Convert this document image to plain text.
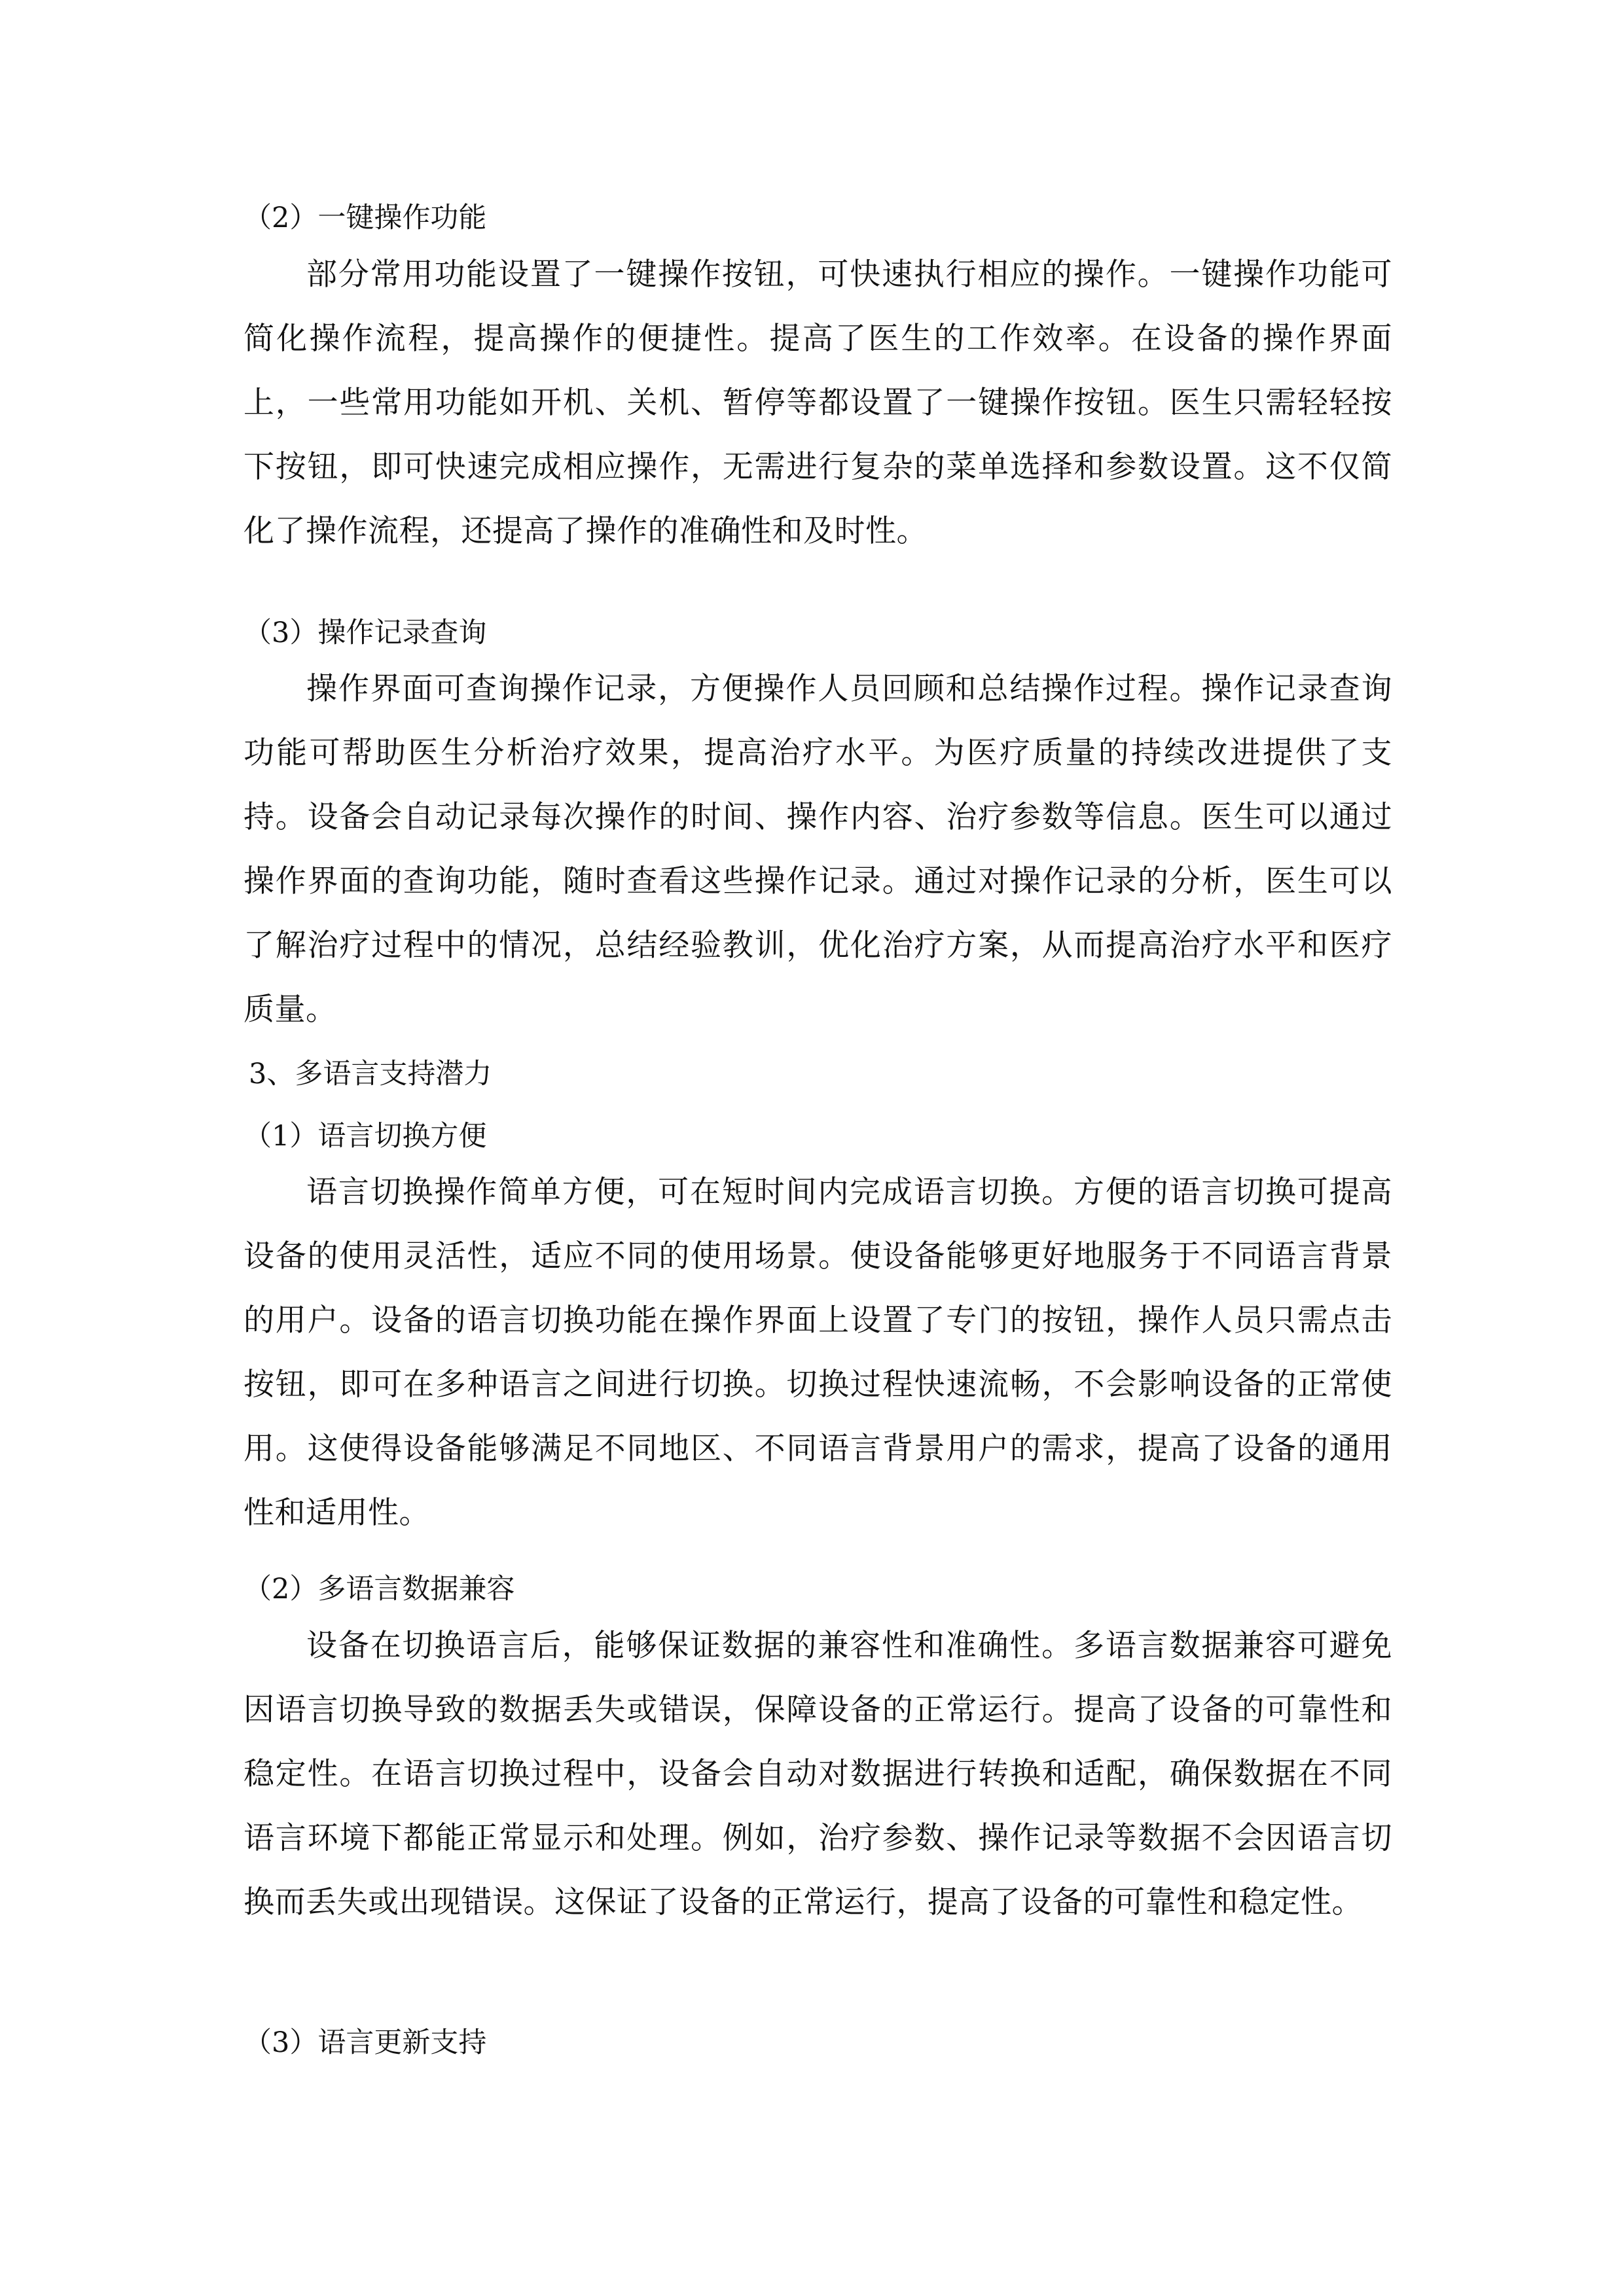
（2）一键操作功能
部分常用功能设置了一键操作按钮，可快速执行相应的操作。一键操作功能可简化操作流程，提高操作的便捷性。提高了医生的工作效率。在设备的操作界面上，一些常用功能如开机、关机、暂停等都设置了一键操作按钮。医生只需轻轻按下按钮，即可快速完成相应操作，无需进行复杂的菜单选择和参数设置。这不仅简化了操作流程，还提高了操作的准确性和及时性。
（3）操作记录查询
操作界面可查询操作记录，方便操作人员回顾和总结操作过程。操作记录查询功能可帮助医生分析治疗效果，提高治疗水平。为医疗质量的持续改进提供了支持。设备会自动记录每次操作的时间、操作内容、治疗参数等信息。医生可以通过操作界面的查询功能，随时查看这些操作记录。通过对操作记录的分析，医生可以了解治疗过程中的情况，总结经验教训，优化治疗方案，从而提高治疗水平和医疗质量。
3、多语言支持潜力
（1）语言切换方便
语言切换操作简单方便，可在短时间内完成语言切换。方便的语言切换可提高设备的使用灵活性，适应不同的使用场景。使设备能够更好地服务于不同语言背景的用户。设备的语言切换功能在操作界面上设置了专门的按钮，操作人员只需点击按钮，即可在多种语言之间进行切换。切换过程快速流畅，不会影响设备的正常使用。这使得设备能够满足不同地区、不同语言背景用户的需求，提高了设备的通用性和适用性。
（2）多语言数据兼容
设备在切换语言后，能够保证数据的兼容性和准确性。多语言数据兼容可避免因语言切换导致的数据丢失或错误，保障设备的正常运行。提高了设备的可靠性和稳定性。在语言切换过程中，设备会自动对数据进行转换和适配，确保数据在不同语言环境下都能正常显示和处理。例如，治疗参数、操作记录等数据不会因语言切换而丢失或出现错误。这保证了设备的正常运行，提高了设备的可靠性和稳定性。
（3）语言更新支持
